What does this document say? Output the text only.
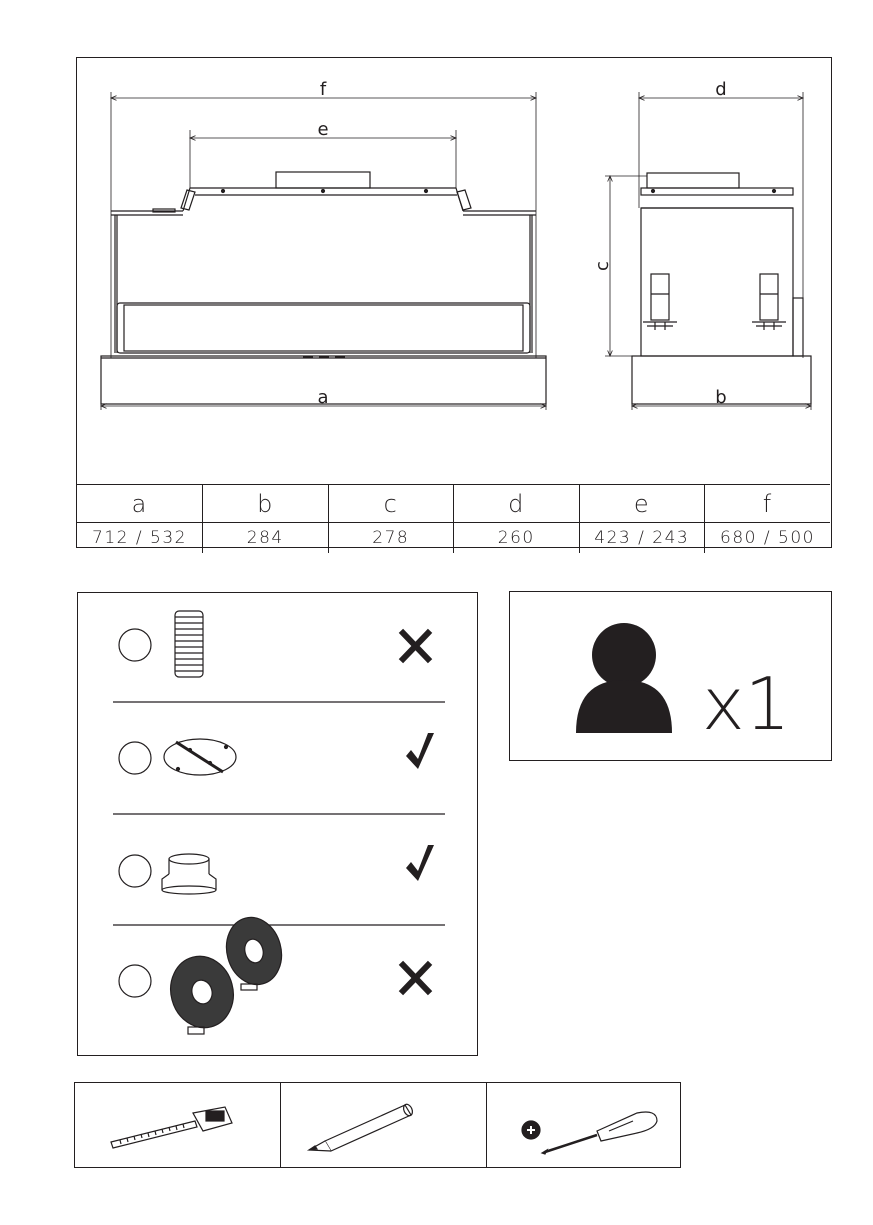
f
e
a
d
c
b
a	b	c	d	e	f
712 / 532	284	278	260	423 / 243	680 / 500
x1
